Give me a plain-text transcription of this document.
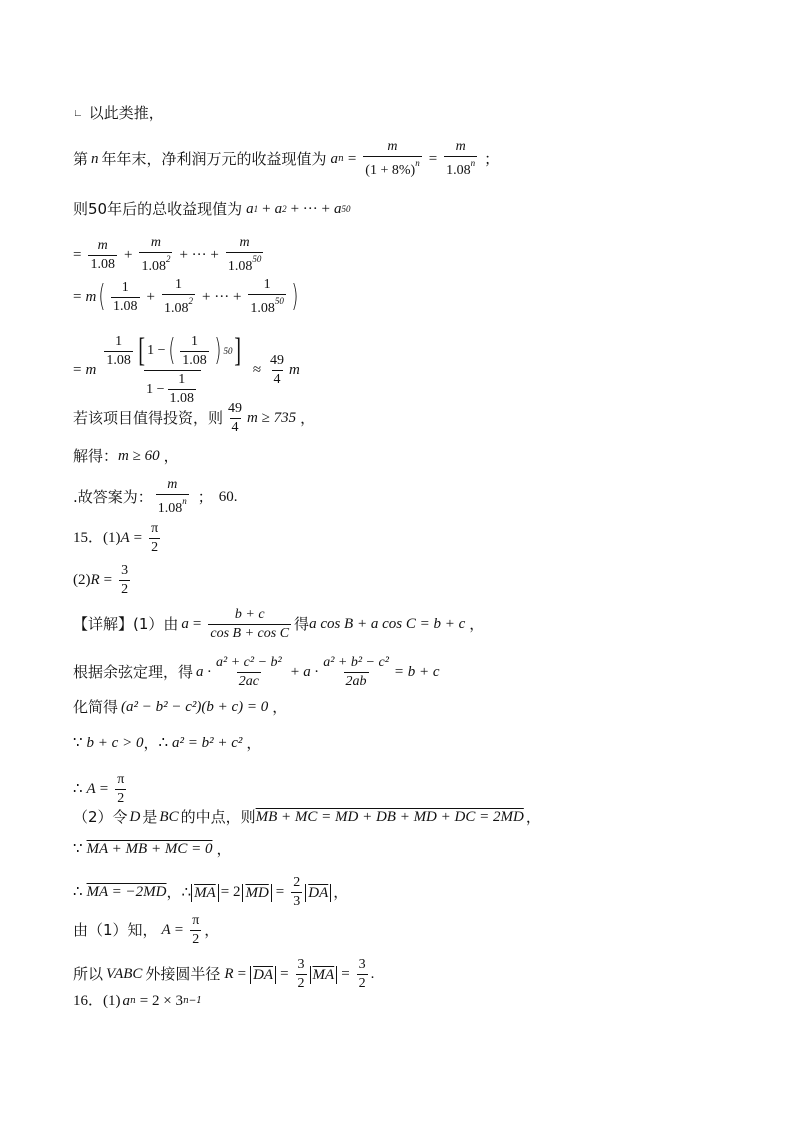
∟ 以此类推，
第 n 年年末，净利润万元的收益现值为 a $n = \frac{m}{(1 + 8\%)^n} = \frac{m}{1.08^n}$ ；
则50年后的总收益现值为 a 1 + a 2 + ··· + a 50
= $\frac{m}{1.08} + \frac{m}{1.08^2}$ + ··· + $\frac{m}{1.08^{50}}$
= m ( $\frac{1}{1.08} + \frac{1}{1.08^2}$ + ··· + $\frac{1}{1.08^{50}}$ )
= m
$\frac{1}{1.08}$ [ 1 − ( $\frac{1}{1.08}$ ) 50 ]
$1 - \frac{1}{1.08}$
≈ $\frac{49}{4}$ m
若该项目值得投资，则 $\frac{49}{4}$ m ≥ 735 ，
解得： m ≥ 60 ，
.故答案为： $\frac{m}{1.08^n}$ ； 60 .
15．(1) $A = \frac{\pi}{2}$
(2) $R = \frac{3}{2}$
【详解】(1）由 $a = \frac{b + c}{\text{cos B + cos C}}$ 得 a cos B + a cos C = b + c ，
根据余弦定理，得 $a \cdot \frac{\text{a² + c² − b²}}{2ac} + a \cdot \frac{\text{a² + b² − c²}}{2ab} = b + c$
化简得 (a² − b² − c²)(b + c) = 0 ，
∵ b + c > 0 ， ∴ a² = b² + c² ，
∴ $A = \frac{\pi}{2}$
（2）令 D 是 BC 的中点，则 MB + MC = MD + DB + MD + DC = 2MD ，
∵ MA + MB + MC = 0 ，
∴ MA = −2MD ，∴ $\overline{MA} = 2$ $\overline{MD} = \frac{2}{3} \overline{DA}$ ，
由（1）知， $A = \frac{\pi}{2}$ ，
所以 VABC 外接圆半径 $R = \overline{DA} = \frac{3}{2} \overline{MA} = \frac{3}{2}$ .
16．(1) a n = 2 × 3 n−1
